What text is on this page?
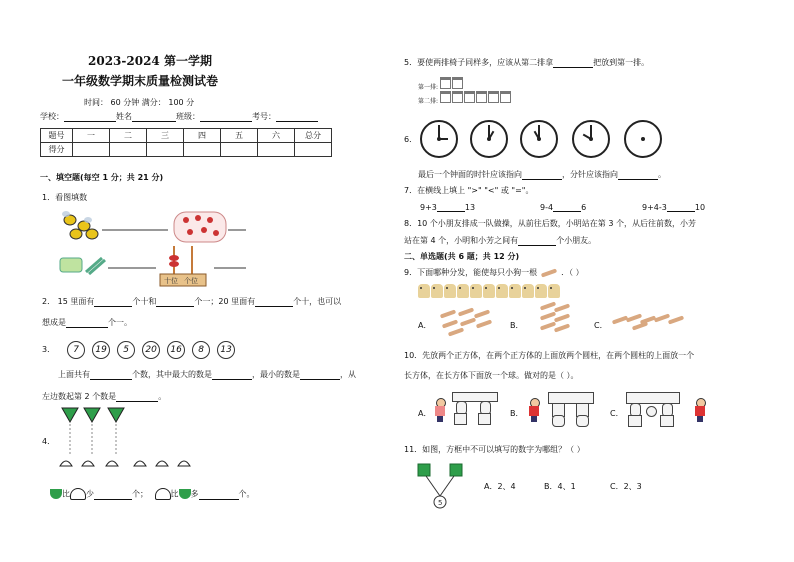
2023-2024 第一学期
一年级数学期末质量检测试卷
时间： 60 分钟 满分： 100 分
学校：	姓名	班级：	考号：
题号	一	二	三	四	五	六	总分
得分							
一、填空题(每空 1 分；共 21 分)
1．看图填数
十位 个位
2． 15 里面有	个十和	个一；20 里面有	个十，也可以
想成是	个一。
3． 7 19 5 20 16 8 13
上面共有	个数，其中最大的数是	，最小的数是	，从
左边数起第 2 个数是	。
4．
比 少	个；	比 多	个。
5．要使两排椅子同样多，应该从第二排拿	把放到第一排。
第一排:
第二排:
6．
最后一个钟面的时针应该指向	，分针应该指向	。
7．在横线上填上 ">" "<" 或 "="。
9+3	13	9-4	6	9+4-3	10
8．10 个小朋友排成一队做操，从前往后数，小明站在第 3 个，从后往前数，小芳
站在第 4 个，小明和小芳之间有	个小朋友。
二、单选题(共 6 题；共 12 分)
9．下面哪种分发，能使每只小狗一根	．（ ）
A．	B．	C．
10．先放两个正方体，在两个正方体的上面放两个圆柱，在两个圆柱的上面放一个
长方体，在长方体下面放一个球。做对的是（ ）。
A．	B．	C．
11．如图，方框中不可以填写的数字为哪组？（ ）
5
A．2、4	B．4、1	C．2、3
